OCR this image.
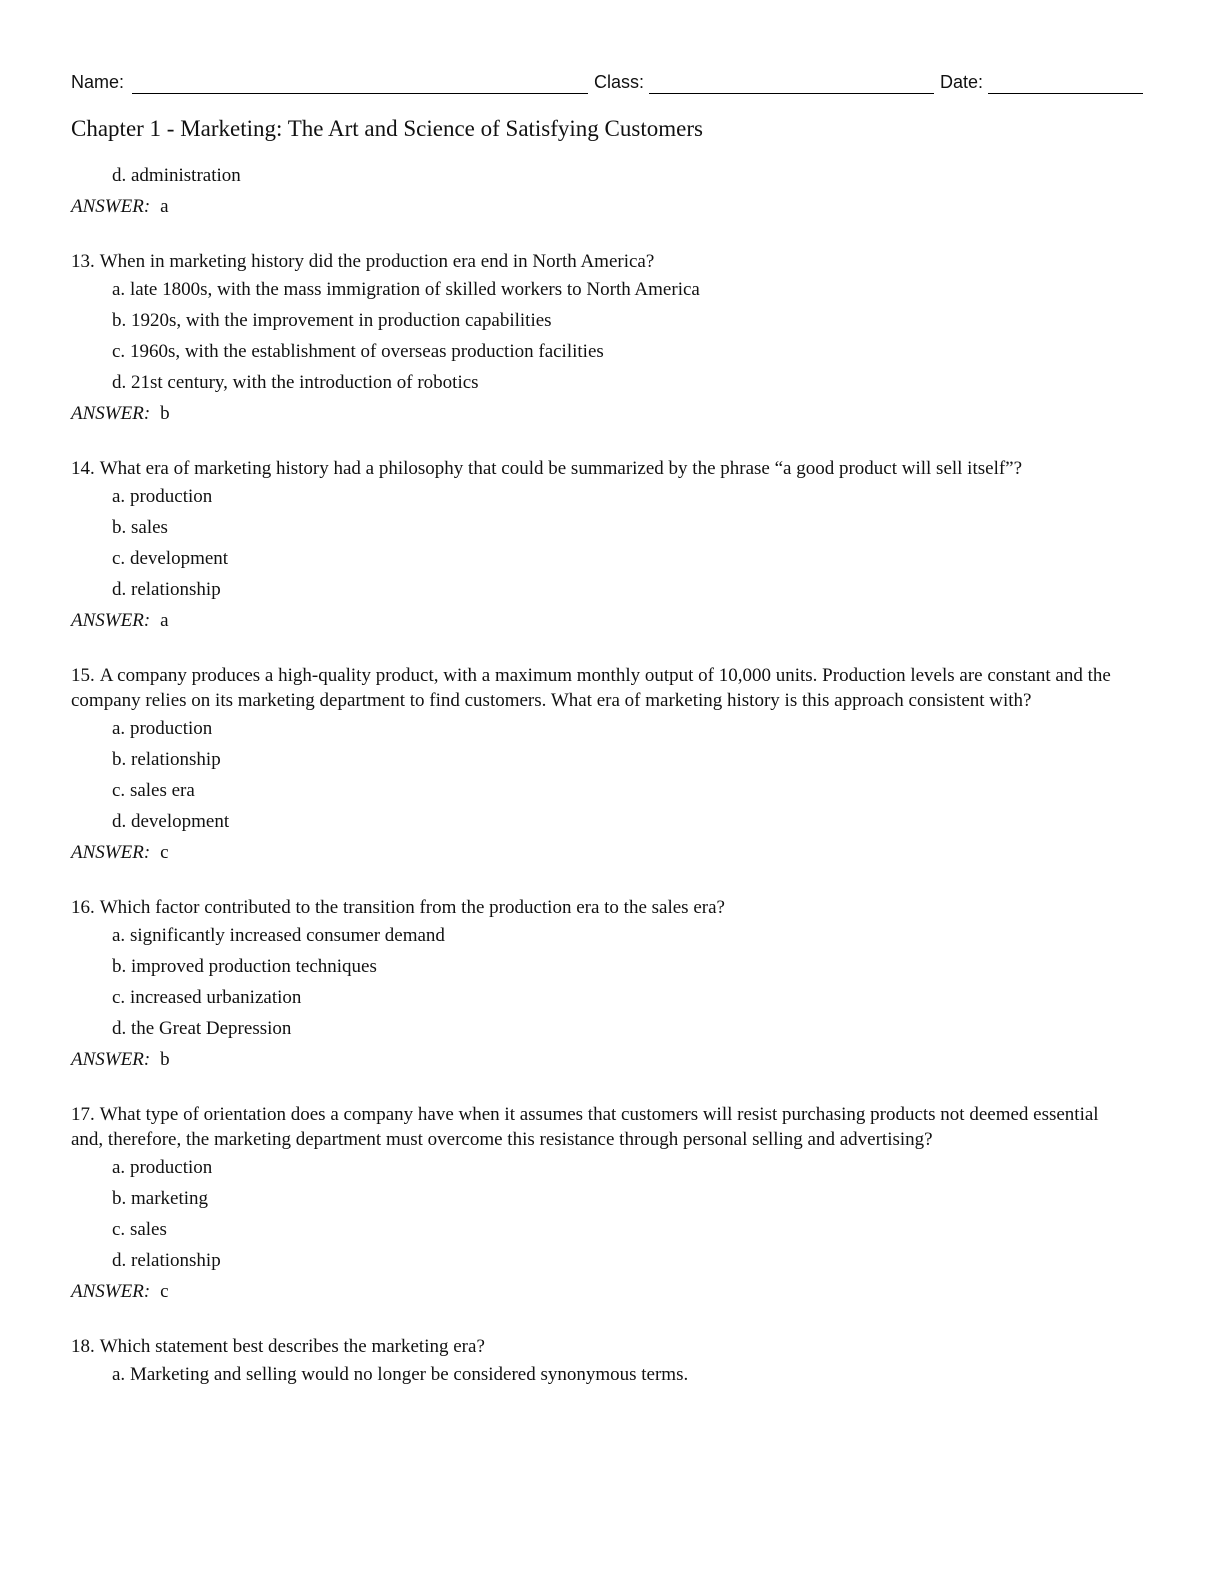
Name:	Class:	Date:
Chapter 1 - Marketing: The Art and Science of Satisfying Customers
d. administration
ANSWER: a
13. When in marketing history did the production era end in North America?
a. late 1800s, with the mass immigration of skilled workers to North America
b. 1920s, with the improvement in production capabilities
c. 1960s, with the establishment of overseas production facilities
d. 21st century, with the introduction of robotics
ANSWER: b
14. What era of marketing history had a philosophy that could be summarized by the phrase “a good product will sell itself”?
a. production
b. sales
c. development
d. relationship
ANSWER: a
15. A company produces a high-quality product, with a maximum monthly output of 10,000 units. Production levels are constant and the company relies on its marketing department to find customers. What era of marketing history is this approach consistent with?
a. production
b. relationship
c. sales era
d. development
ANSWER: c
16. Which factor contributed to the transition from the production era to the sales era?
a. significantly increased consumer demand
b. improved production techniques
c. increased urbanization
d. the Great Depression
ANSWER: b
17. What type of orientation does a company have when it assumes that customers will resist purchasing products not deemed essential and, therefore, the marketing department must overcome this resistance through personal selling and advertising?
a. production
b. marketing
c. sales
d. relationship
ANSWER: c
18. Which statement best describes the marketing era?
a. Marketing and selling would no longer be considered synonymous terms.
